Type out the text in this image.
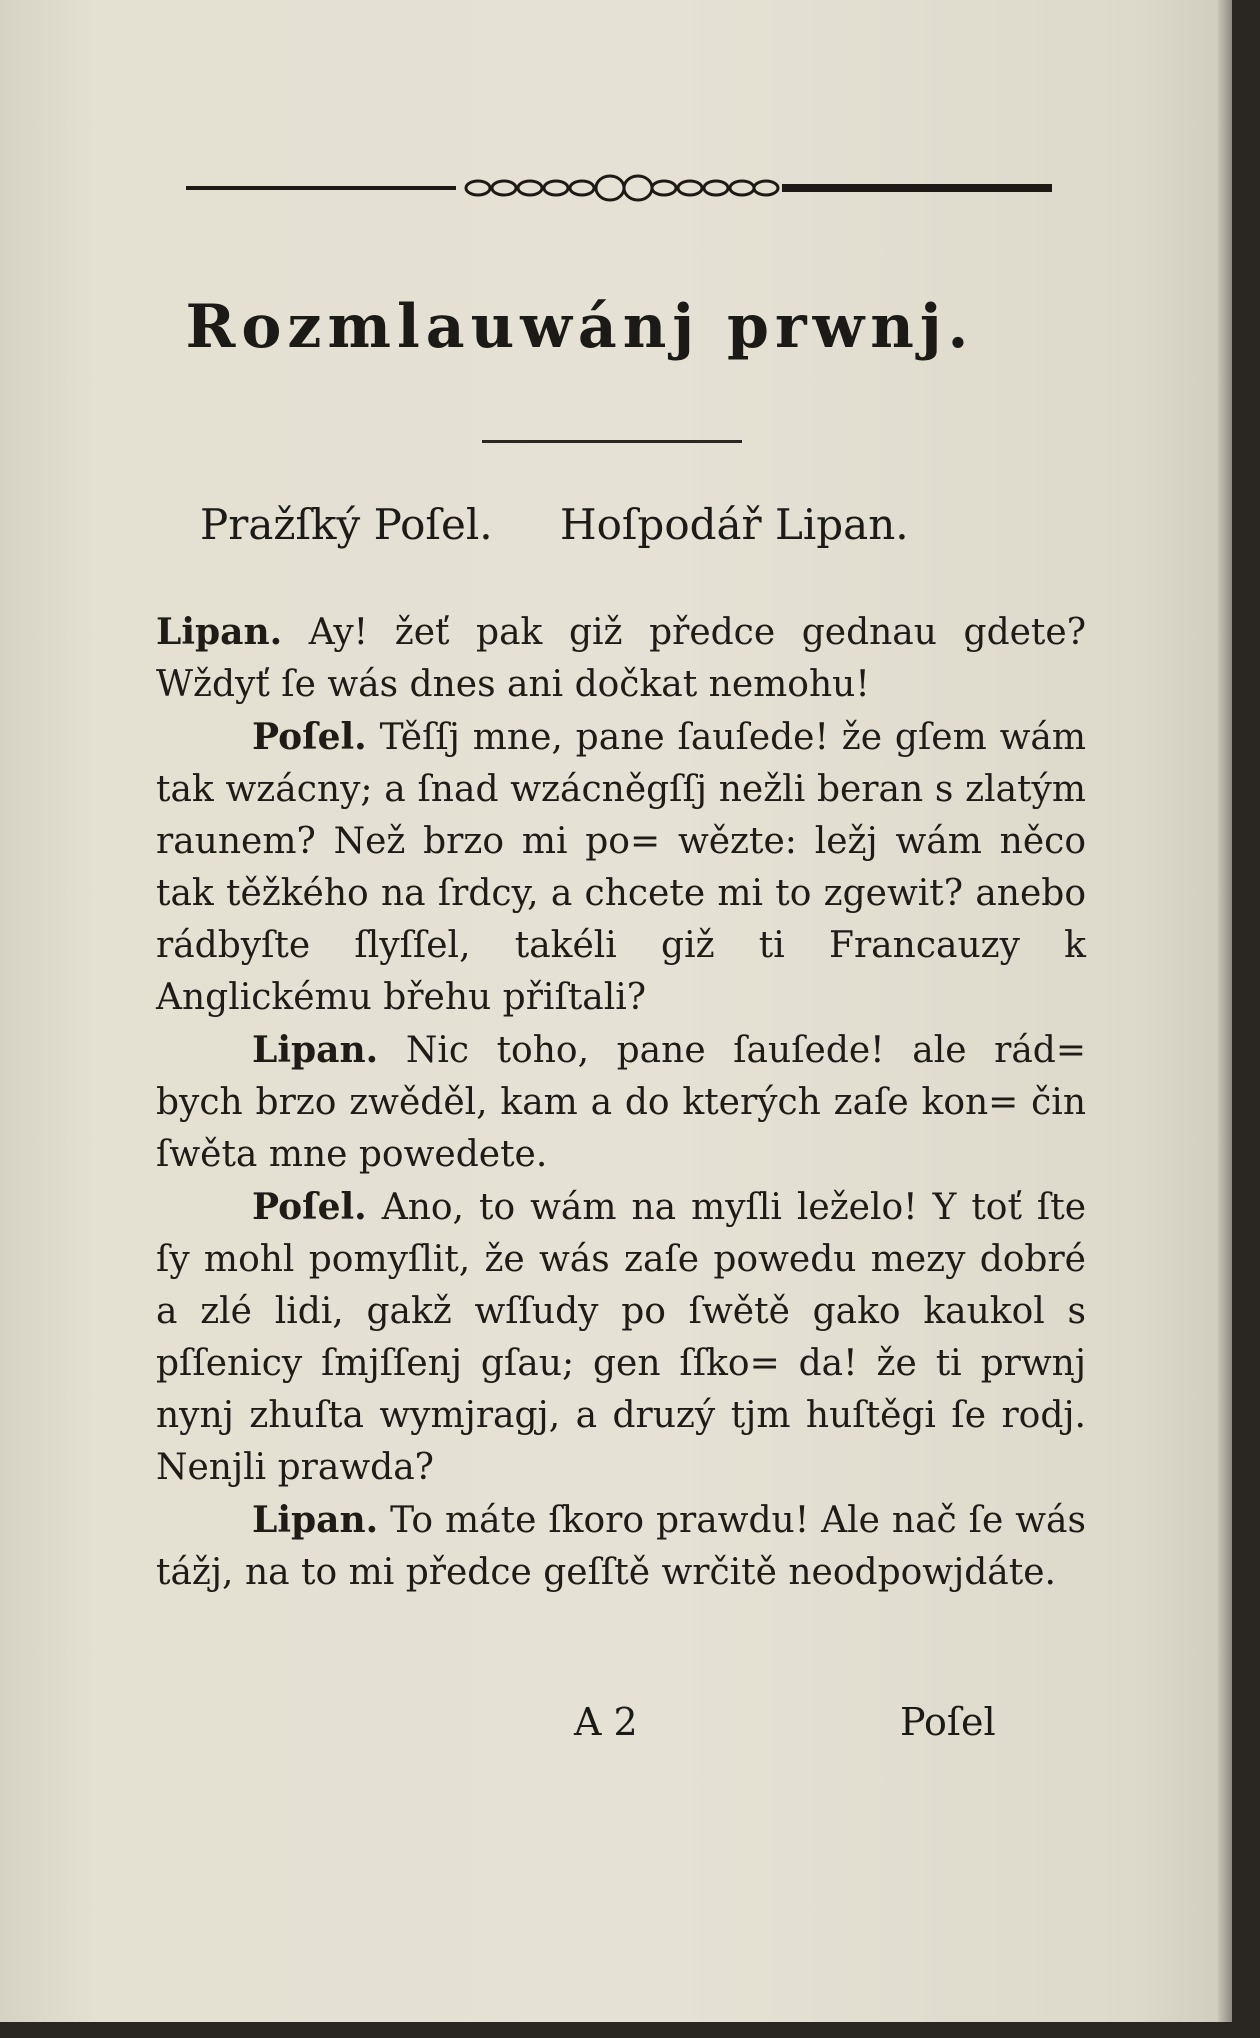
Rozmlauwánj prwnj.
Pražſký Poſel. Hoſpodář Lipan.

Lipan. Ay! žeť pak giž předce gednau gdete? Wždyť ſe wás dnes ani dočkat nemohu!

Poſel. Těſſj mne, pane ſauſede! že gſem wám tak wzácny; a ſnad wzácněgſſj nežli beran s zlatým raunem? Než brzo mi po= wězte: ležj wám něco tak těžkého na ſrdcy, a chcete mi to zgewit? anebo rádbyſte ſlyſſel, takéli giž ti Francauzy k Anglickému břehu přiſtali?

Lipan. Nic toho, pane ſauſede! ale rád= bych brzo zwěděl, kam a do kterých zaſe kon= čin ſwěta mne powedete.

Poſel. Ano, to wám na myſli leželo! Y toť ſte ſy mohl pomyſlit, že wás zaſe powedu mezy dobré a zlé lidi, gakž wſſudy po ſwětě gako kaukol s pſſenicy ſmjſſenj gſau; gen ſſko= da! že ti prwnj nynj zhuſta wymjragj, a druzý tjm huſtěgi ſe rodj. Nenjli prawda?

Lipan. To máte ſkoro prawdu! Ale nač ſe wás tážj, na to mi předce geſſtě wrčitě neodpowjdáte.

A 2	Poſel
